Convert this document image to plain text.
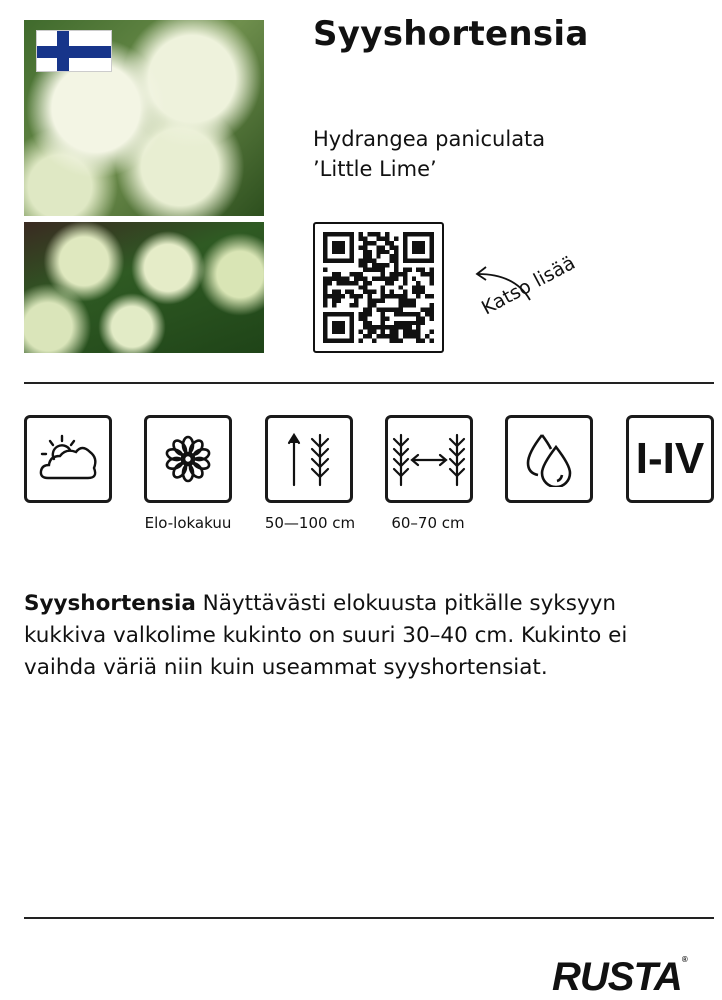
Syyshortensia
Hydrangea paniculata
’Little Lime’
Katso lisää
I-IV
Elo-lokakuu	50—100 cm	60–70 cm
Syyshortensia Näyttävästi elokuusta pitkälle syksyyn kukkiva valkolime kukinto on suuri 30–40 cm. Kukinto ei vaihda väriä niin kuin useammat syyshortensiat.
RUSTA®
